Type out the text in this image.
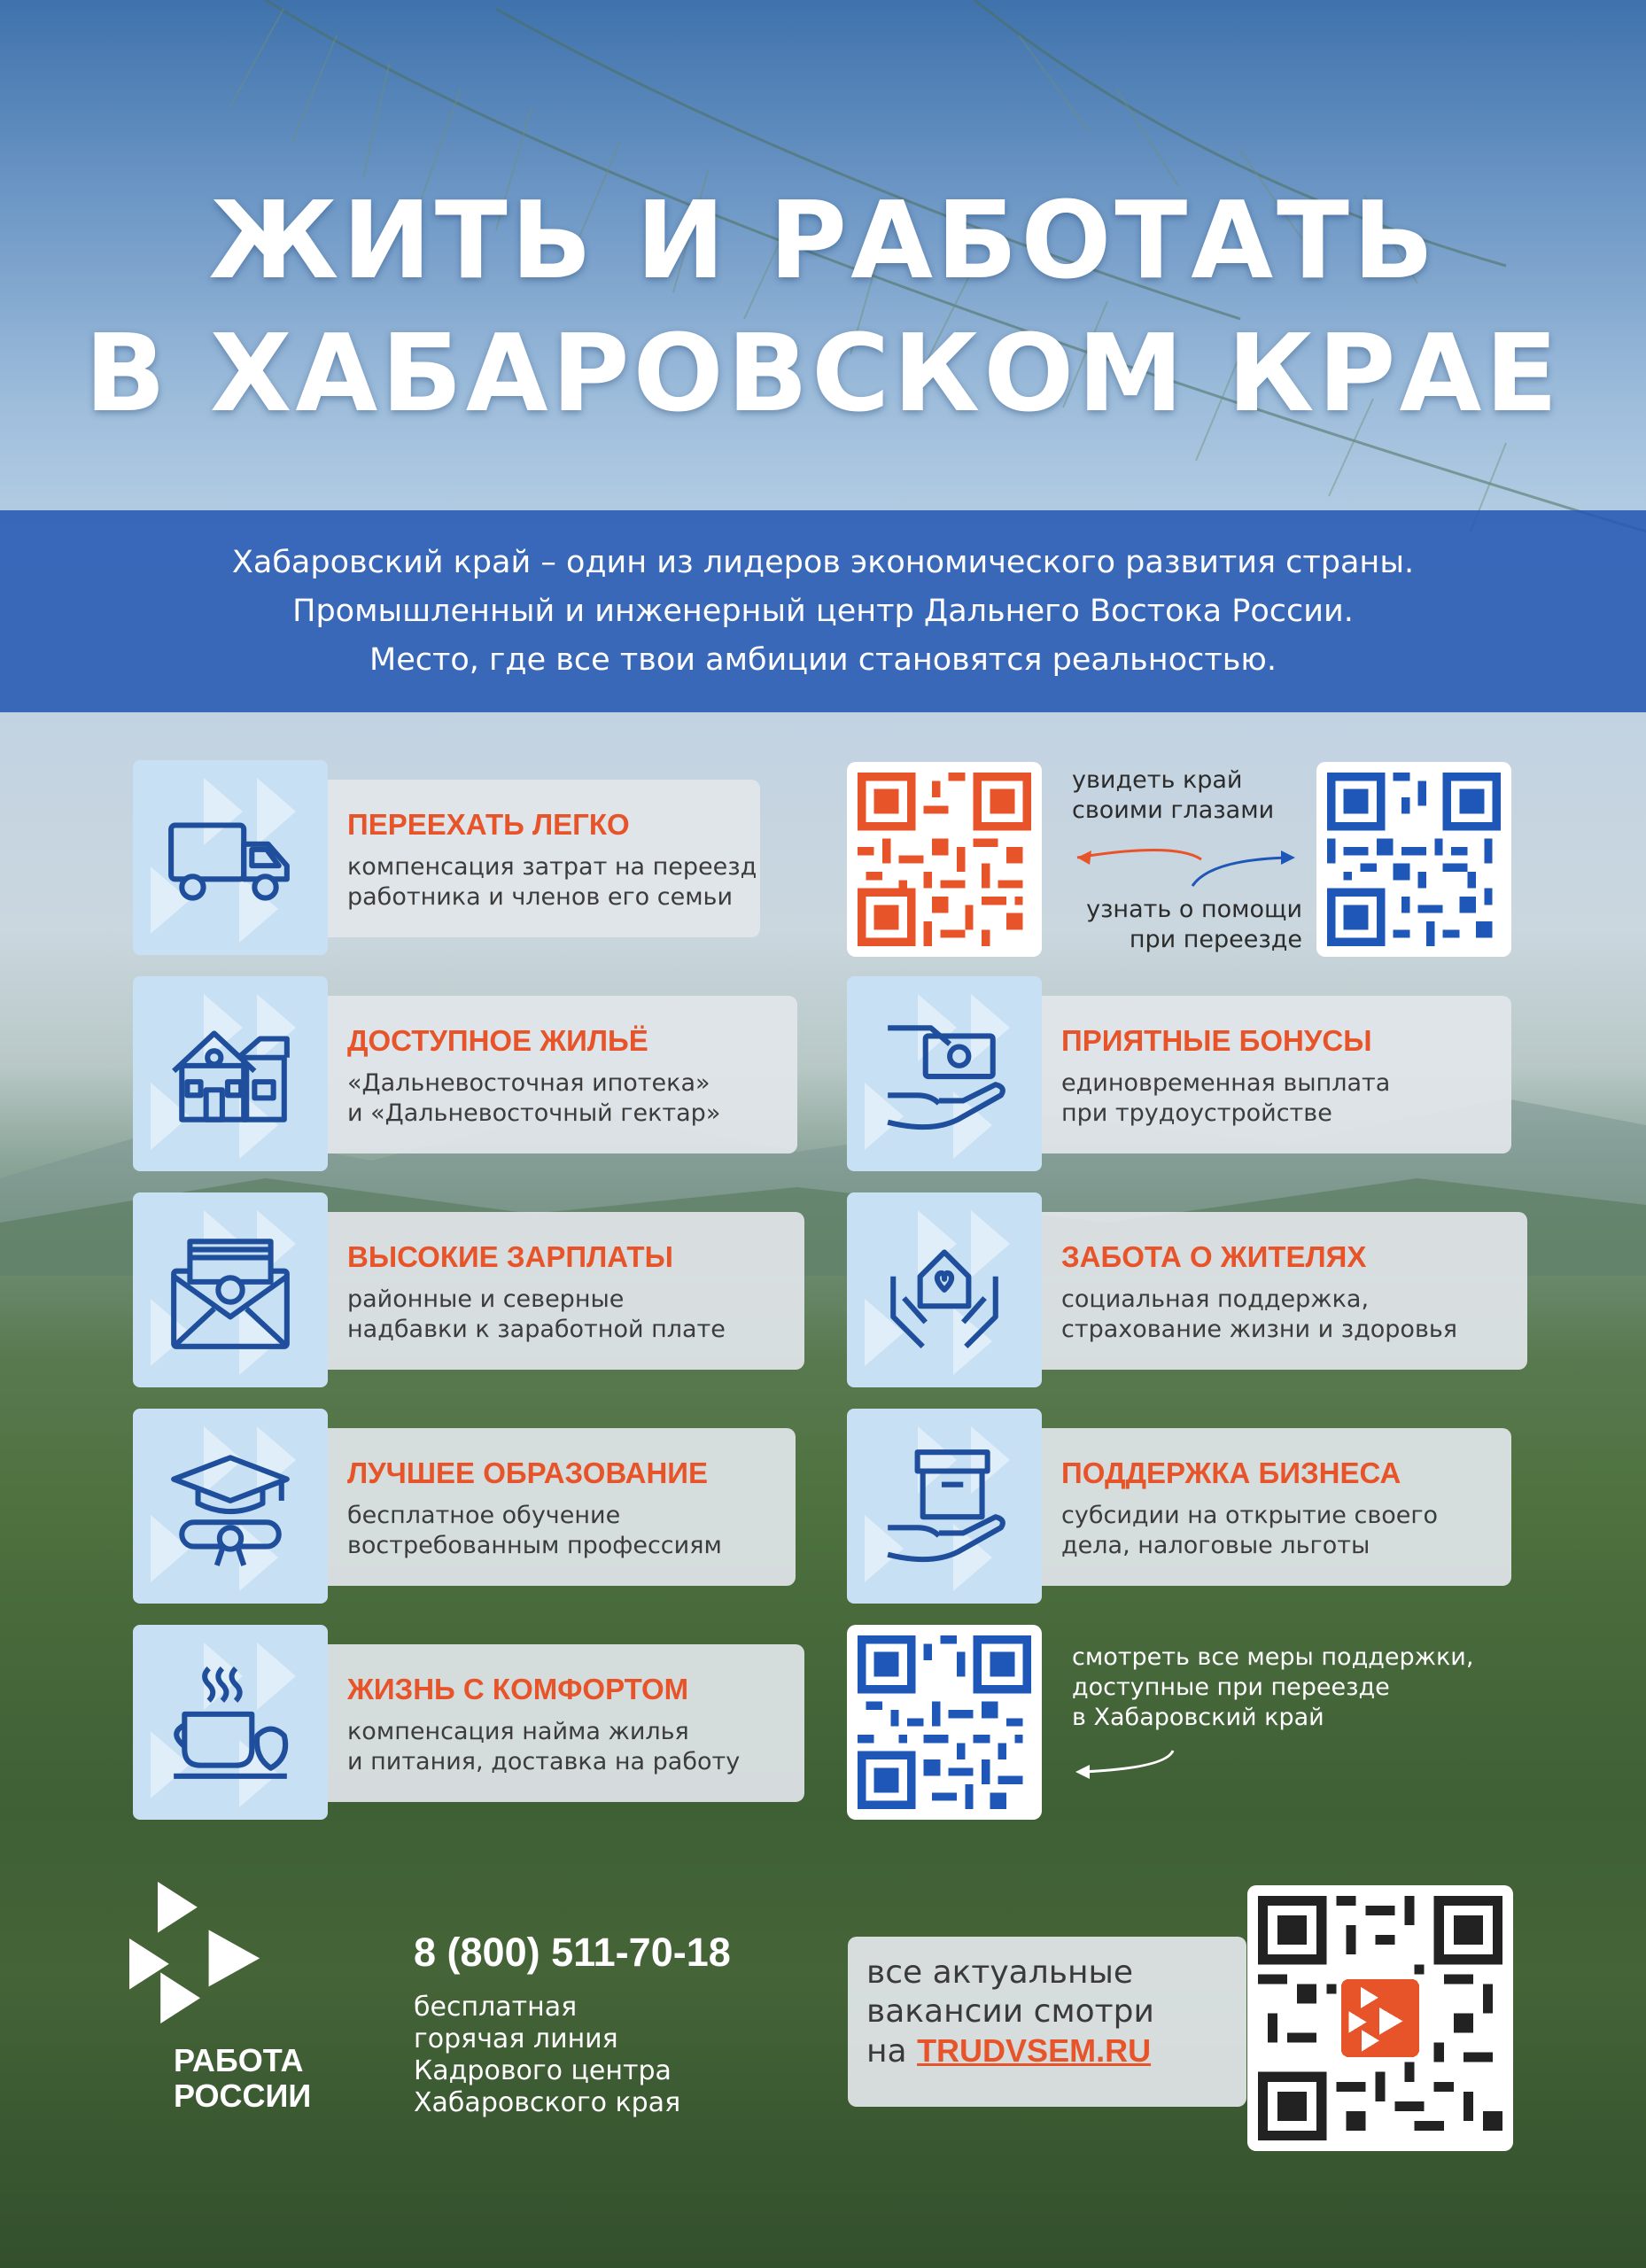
ЖИТЬ И РАБОТАТЬ
В ХАБАРОВСКОМ КРАЕ
Хабаровский край – один из лидеров экономического развития страны.
Промышленный и инженерный центр Дальнего Востока России.
Место, где все твои амбиции становятся реальностью.
ПЕРЕЕХАТЬ ЛЕГКО
компенсация затрат на переезд
работника и членов его семьи
ДОСТУПНОЕ ЖИЛЬЁ
«Дальневосточная ипотека»
и «Дальневосточный гектар»
ВЫСОКИЕ ЗАРПЛАТЫ
районные и северные
надбавки к заработной плате
ЛУЧШЕЕ ОБРАЗОВАНИЕ
бесплатное обучение
востребованным профессиям
ЖИЗНЬ С КОМФОРТОМ
компенсация найма жилья
и питания, доставка на работу
ПРИЯТНЫЕ БОНУСЫ
единовременная выплата
при трудоустройстве
ЗАБОТА О ЖИТЕЛЯХ
социальная поддержка,
страхование жизни и здоровья
ПОДДЕРЖКА БИЗНЕСА
субсидии на открытие своего
дела, налоговые льготы
увидеть край
своими глазами
узнать о помощи
при переезде
смотреть все меры поддержки,
доступные при переезде
в Хабаровский край
РАБОТА
РОССИИ
8 (800) 511-70-18
бесплатная
горячая линия
Кадрового центра
Хабаровского края
все актуальные
вакансии смотри
на TRUDVSEM.RU
